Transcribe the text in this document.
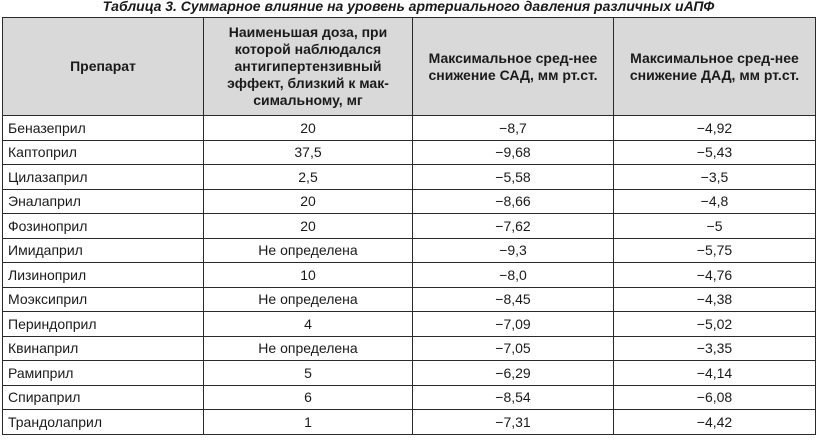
Таблица 3. Суммарное влияние на уровень артериального давления различных иАПФ
Препарат	Наименьшая доза, при которой наблюдался антигипертензивный эффект, близкий к мак-симальному, мг	Максимальное сред-нее снижение САД, мм рт.ст.	Максимальное сред-нее снижение ДАД, мм рт.ст.
Беназеприл	20	−8,7	−4,92
Каптоприл	37,5	−9,68	−5,43
Цилазаприл	2,5	−5,58	−3,5
Эналаприл	20	−8,66	−4,8
Фозиноприл	20	−7,62	−5
Имидаприл	Не определена	−9,3	−5,75
Лизиноприл	10	−8,0	−4,76
Моэксиприл	Не определена	−8,45	−4,38
Периндоприл	4	−7,09	−5,02
Квинаприл	Не определена	−7,05	−3,35
Рамиприл	5	−6,29	−4,14
Спираприл	6	−8,54	−6,08
Трандолаприл	1	−7,31	−4,42
